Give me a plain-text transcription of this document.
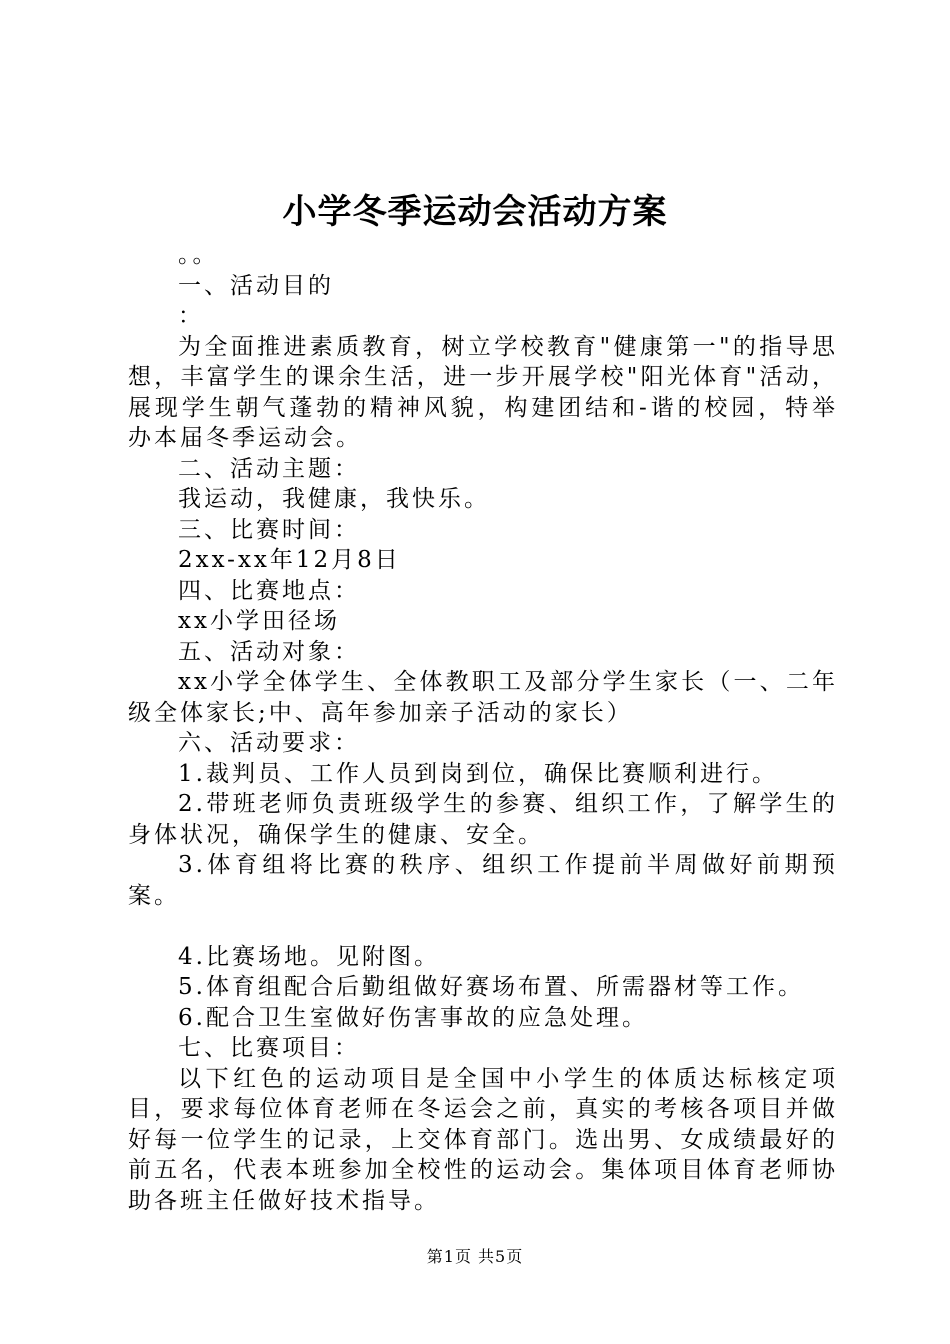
小学冬季运动会活动方案

。。

一、活动目的

：

为全面推进素质教育，树立学校教育"健康第一"的指导思想，丰富学生的课余生活，进一步开展学校"阳光体育"活动，展现学生朝气蓬勃的精神风貌，构建团结和-谐的校园，特举办本届冬季运动会。

二、活动主题：

我运动，我健康，我快乐。

三、比赛时间：

2xx-xx年12月8日

四、比赛地点：

xx小学田径场

五、活动对象：

xx小学全体学生、全体教职工及部分学生家长（一、二年级全体家长;中、高年参加亲子活动的家长）

六、活动要求：

1.裁判员、工作人员到岗到位，确保比赛顺利进行。

2.带班老师负责班级学生的参赛、组织工作，了解学生的身体状况，确保学生的健康、安全。

3.体育组将比赛的秩序、组织工作提前半周做好前期预案。

4.比赛场地。见附图。

5.体育组配合后勤组做好赛场布置、所需器材等工作。

6.配合卫生室做好伤害事故的应急处理。

七、比赛项目：

以下红色的运动项目是全国中小学生的体质达标核定项目，要求每位体育老师在冬运会之前，真实的考核各项目并做好每一位学生的记录，上交体育部门。选出男、女成绩最好的前五名，代表本班参加全校性的运动会。集体项目体育老师协助各班主任做好技术指导。

第1页 共5页
